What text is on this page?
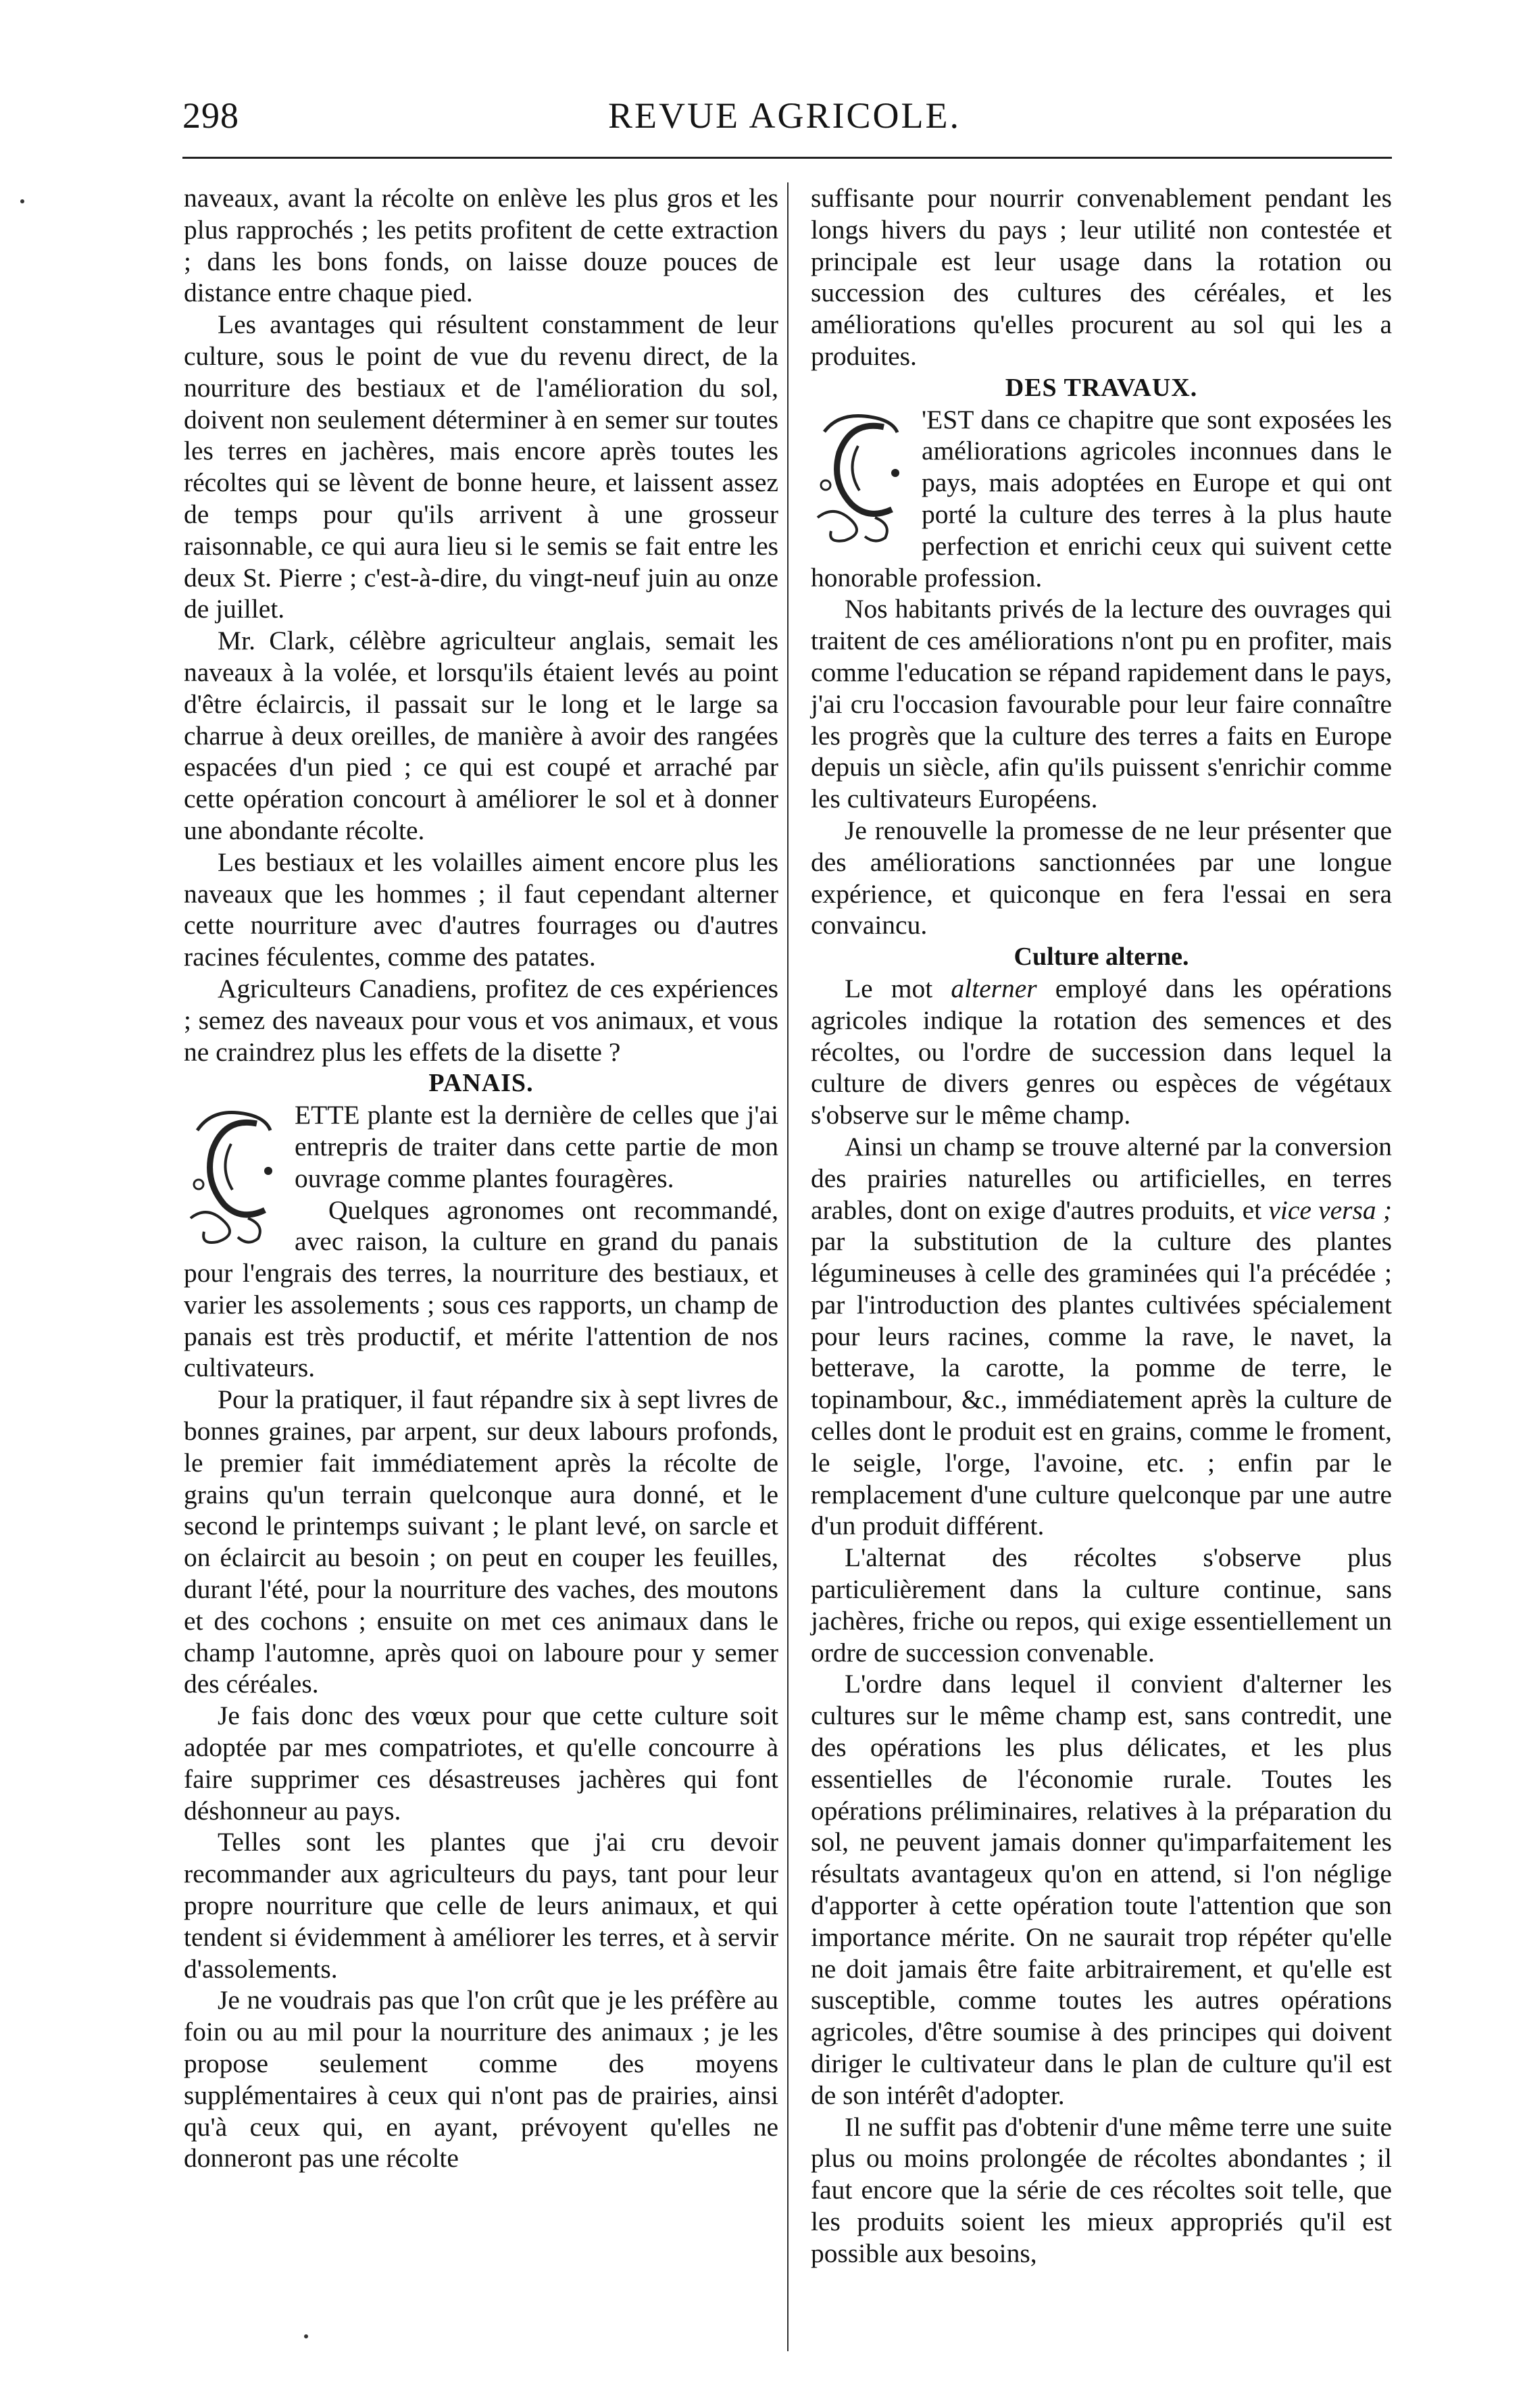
298	REVUE AGRICOLE.

naveaux, avant la récolte on enlève les plus gros et les plus rapprochés ; les petits profitent de cette extraction ; dans les bons fonds, on laisse douze pouces de distance entre chaque pied.

Les avantages qui résultent constamment de leur culture, sous le point de vue du revenu direct, de la nourriture des bestiaux et de l'amélioration du sol, doivent non seulement déterminer à en semer sur toutes les terres en jachères, mais encore après toutes les récoltes qui se lèvent de bonne heure, et laissent assez de temps pour qu'ils arrivent à une grosseur raisonnable, ce qui aura lieu si le semis se fait entre les deux St. Pierre ; c'est-à-dire, du vingt-neuf juin au onze de juillet.

Mr. Clark, célèbre agriculteur anglais, semait les naveaux à la volée, et lorsqu'ils étaient levés au point d'être éclaircis, il passait sur le long et le large sa charrue à deux oreilles, de manière à avoir des rangées espacées d'un pied ; ce qui est coupé et arraché par cette opération concourt à améliorer le sol et à donner une abondante récolte.

Les bestiaux et les volailles aiment encore plus les naveaux que les hommes ; il faut cependant alterner cette nourriture avec d'autres fourrages ou d'autres racines féculentes, comme des patates.

Agriculteurs Canadiens, profitez de ces expériences ; semez des naveaux pour vous et vos animaux, et vous ne craindrez plus les effets de la disette ?

PANAIS.

ETTE plante est la dernière de celles que j'ai entrepris de traiter dans cette partie de mon ouvrage comme plantes fouragères.

Quelques agronomes ont recommandé, avec raison, la culture en grand du panais pour l'engrais des terres, la nourriture des bestiaux, et varier les assolements ; sous ces rapports, un champ de panais est très productif, et mérite l'attention de nos cultivateurs.

Pour la pratiquer, il faut répandre six à sept livres de bonnes graines, par arpent, sur deux labours profonds, le premier fait immédiatement après la récolte de grains qu'un terrain quelconque aura donné, et le second le printemps suivant ; le plant levé, on sarcle et on éclaircit au besoin ; on peut en couper les feuilles, durant l'été, pour la nourriture des vaches, des moutons et des cochons ; ensuite on met ces animaux dans le champ l'automne, après quoi on laboure pour y semer des céréales.

Je fais donc des vœux pour que cette culture soit adoptée par mes compatriotes, et qu'elle concourre à faire supprimer ces désastreuses jachères qui font déshonneur au pays.

Telles sont les plantes que j'ai cru devoir recommander aux agriculteurs du pays, tant pour leur propre nourriture que celle de leurs animaux, et qui tendent si évidemment à améliorer les terres, et à servir d'assolements.

Je ne voudrais pas que l'on crût que je les préfère au foin ou au mil pour la nourriture des animaux ; je les propose seulement comme des moyens supplémentaires à ceux qui n'ont pas de prairies, ainsi qu'à ceux qui, en ayant, prévoyent qu'elles ne donneront pas une récolte

suffisante pour nourrir convenablement pendant les longs hivers du pays ; leur utilité non contestée et principale est leur usage dans la rotation ou succession des cultures des céréales, et les améliorations qu'elles procurent au sol qui les a produites.

DES TRAVAUX.

'EST dans ce chapitre que sont exposées les améliorations agricoles inconnues dans le pays, mais adoptées en Europe et qui ont porté la culture des terres à la plus haute perfection et enrichi ceux qui suivent cette honorable profession.

Nos habitants privés de la lecture des ouvrages qui traitent de ces améliorations n'ont pu en profiter, mais comme l'education se répand rapidement dans le pays, j'ai cru l'occasion favourable pour leur faire connaître les progrès que la culture des terres a faits en Europe depuis un siècle, afin qu'ils puissent s'enrichir comme les cultivateurs Européens.

Je renouvelle la promesse de ne leur présenter que des améliorations sanctionnées par une longue expérience, et quiconque en fera l'essai en sera convaincu.

Culture alterne.

Le mot alterner employé dans les opérations agricoles indique la rotation des semences et des récoltes, ou l'ordre de succession dans lequel la culture de divers genres ou espèces de végétaux s'observe sur le même champ.

Ainsi un champ se trouve alterné par la conversion des prairies naturelles ou artificielles, en terres arables, dont on exige d'autres produits, et vice versa ; par la substitution de la culture des plantes légumineuses à celle des graminées qui l'a précédée ; par l'introduction des plantes cultivées spécialement pour leurs racines, comme la rave, le navet, la betterave, la carotte, la pomme de terre, le topinambour, &c., immédiatement après la culture de celles dont le produit est en grains, comme le froment, le seigle, l'orge, l'avoine, etc. ; enfin par le remplacement d'une culture quelconque par une autre d'un produit différent.

L'alternat des récoltes s'observe plus particulièrement dans la culture continue, sans jachères, friche ou repos, qui exige essentiellement un ordre de succession convenable.

L'ordre dans lequel il convient d'alterner les cultures sur le même champ est, sans contredit, une des opérations les plus délicates, et les plus essentielles de l'économie rurale. Toutes les opérations préliminaires, relatives à la préparation du sol, ne peuvent jamais donner qu'imparfaitement les résultats avantageux qu'on en attend, si l'on néglige d'apporter à cette opération toute l'attention que son importance mérite. On ne saurait trop répéter qu'elle ne doit jamais être faite arbitrairement, et qu'elle est susceptible, comme toutes les autres opérations agricoles, d'être soumise à des principes qui doivent diriger le cultivateur dans le plan de culture qu'il est de son intérêt d'adopter.

Il ne suffit pas d'obtenir d'une même terre une suite plus ou moins prolongée de récoltes abondantes ; il faut encore que la série de ces récoltes soit telle, que les produits soient les mieux appropriés qu'il est possible aux besoins,
